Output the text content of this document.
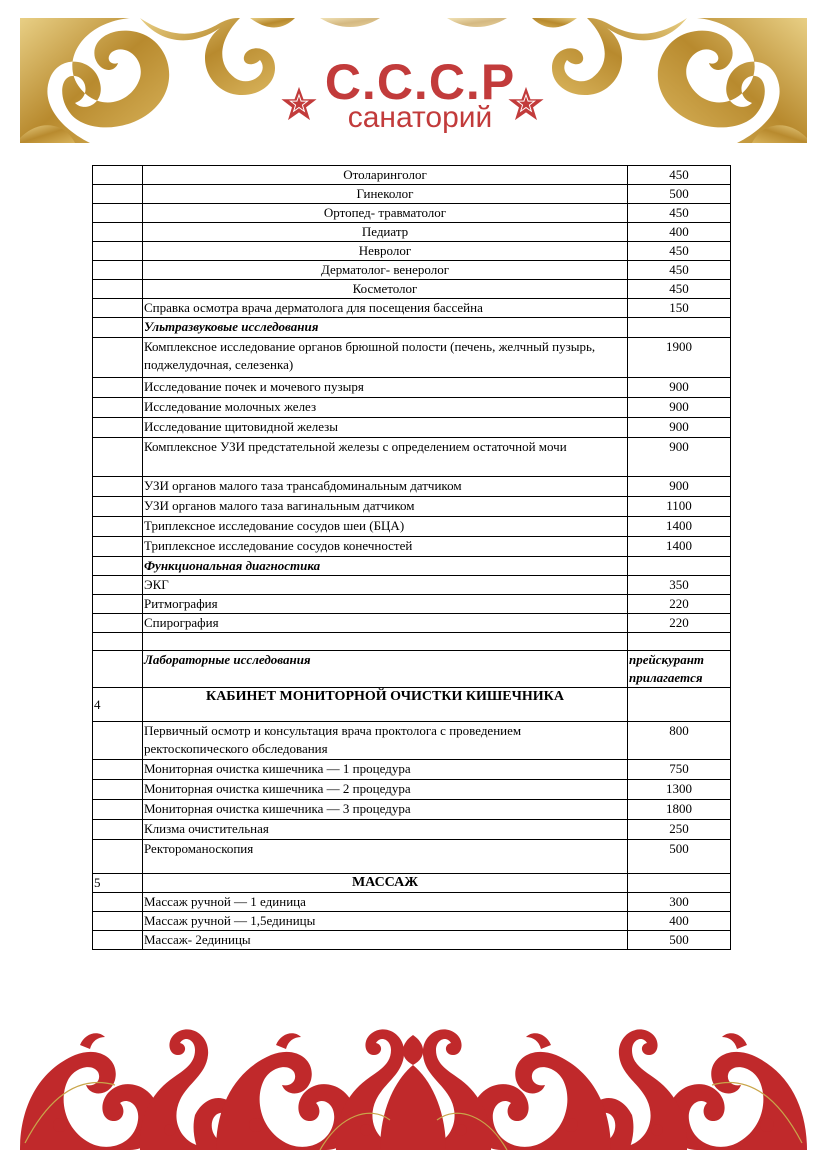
С.С.С.Р
санаторий
	Отоларинголог	450
	Гинеколог	500
	Ортопед- травматолог	450
	Педиатр	400
	Невролог	450
	Дерматолог- венеролог	450
	Косметолог	450
	Справка осмотра врача дерматолога для посещения бассейна	150
	Ультразвуковые исследования	
	Комплексное исследование органов брюшной полости (печень, желчный пузырь, поджелудочная, селезенка)	1900
	Исследование почек и мочевого пузыря	900
	Исследование молочных желез	900
	Исследование щитовидной железы	900
	Комплексное УЗИ предстательной железы с определением остаточной мочи	900
	УЗИ органов малого таза трансабдоминальным датчиком	900
	УЗИ органов малого таза вагинальным датчиком	1100
	Триплексное исследование сосудов шеи (БЦА)	1400
	Триплексное исследование сосудов конечностей	1400
	Функциональная диагностика	
	ЭКГ	350
	Ритмография	220
	Спирография	220

	Лабораторные исследования	прейскурант прилагается
4	КАБИНЕТ МОНИТОРНОЙ ОЧИСТКИ КИШЕЧНИКА	
	Первичный осмотр и консультация врача проктолога с проведением ректоскопического обследования	800
	Мониторная очистка кишечника — 1 процедура	750
	Мониторная очистка кишечника — 2 процедура	1300
	Мониторная очистка кишечника — 3 процедура	1800
	Клизма очистительная	250
	Ректороманоскопия	500
5	МАССАЖ	
	Массаж ручной — 1 единица	300
	Массаж ручной — 1,5единицы	400
	Массаж- 2единицы	500
